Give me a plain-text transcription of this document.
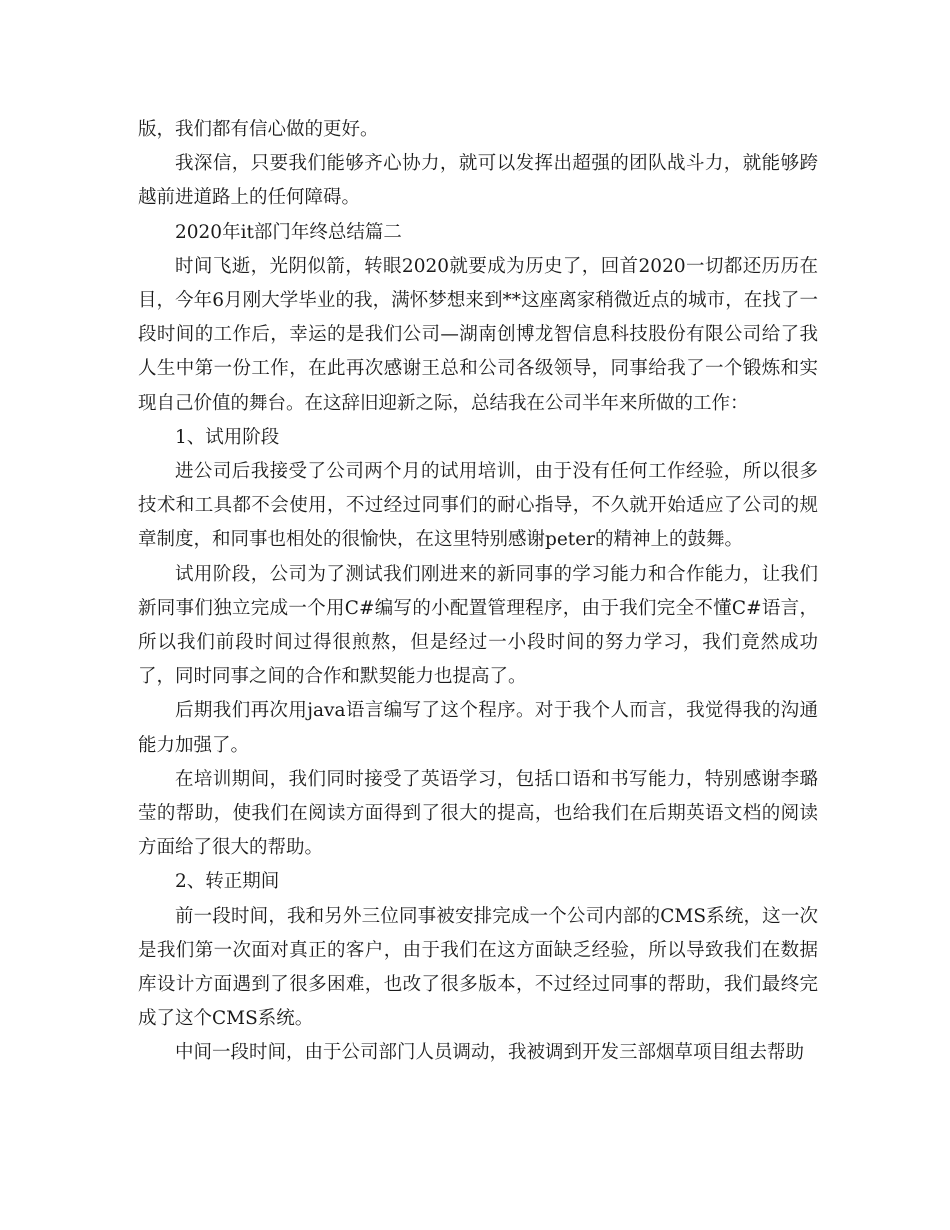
版，我们都有信心做的更好。

我深信，只要我们能够齐心协力，就可以发挥出超强的团队战斗力，就能够跨越前进道路上的任何障碍。

2020年it部门年终总结篇二

时间飞逝，光阴似箭，转眼2020就要成为历史了，回首2020一切都还历历在目，今年6月刚大学毕业的我，满怀梦想来到**这座离家稍微近点的城市，在找了一段时间的工作后，幸运的是我们公司—湖南创博龙智信息科技股份有限公司给了我人生中第一份工作，在此再次感谢王总和公司各级领导，同事给我了一个锻炼和实现自己价值的舞台。在这辞旧迎新之际，总结我在公司半年来所做的工作：

1、试用阶段

进公司后我接受了公司两个月的试用培训，由于没有任何工作经验，所以很多技术和工具都不会使用，不过经过同事们的耐心指导，不久就开始适应了公司的规章制度，和同事也相处的很愉快，在这里特别感谢peter的精神上的鼓舞。

试用阶段，公司为了测试我们刚进来的新同事的学习能力和合作能力，让我们新同事们独立完成一个用C#编写的小配置管理程序，由于我们完全不懂C#语言，所以我们前段时间过得很煎熬，但是经过一小段时间的努力学习，我们竟然成功了，同时同事之间的合作和默契能力也提高了。

后期我们再次用java语言编写了这个程序。对于我个人而言，我觉得我的沟通能力加强了。

在培训期间，我们同时接受了英语学习，包括口语和书写能力，特别感谢李璐莹的帮助，使我们在阅读方面得到了很大的提高，也给我们在后期英语文档的阅读方面给了很大的帮助。

2、转正期间

前一段时间，我和另外三位同事被安排完成一个公司内部的CMS系统，这一次是我们第一次面对真正的客户，由于我们在这方面缺乏经验，所以导致我们在数据库设计方面遇到了很多困难，也改了很多版本，不过经过同事的帮助，我们最终完成了这个CMS系统。

中间一段时间，由于公司部门人员调动，我被调到开发三部烟草项目组去帮助
